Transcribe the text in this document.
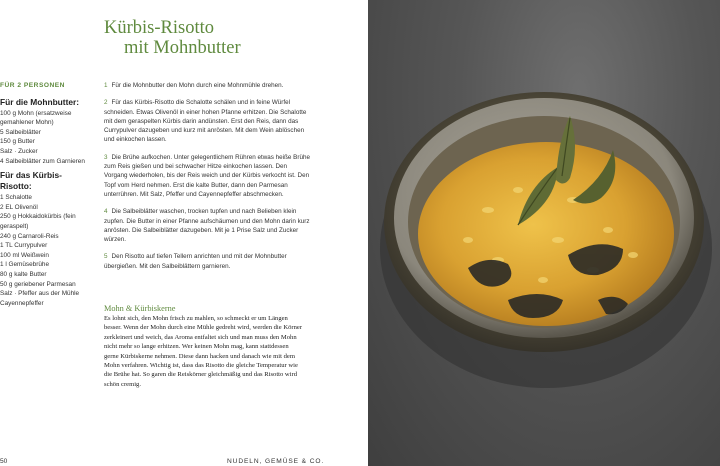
Kürbis-Risotto
mit Mohnbutter
FÜR 2 PERSONEN
Für die Mohnbutter:
100 g Mohn (ersatzweise
gemahlener Mohn)
5 Salbeiblätter
150 g Butter
Salz · Zucker
4 Salbeiblätter zum Garnieren
Für das Kürbis-Risotto:
1 Schalotte
2 EL Olivenöl
250 g Hokkaidokürbis (fein
geraspelt)
240 g Carnaroli-Reis
1 TL Currypulver
100 ml Weißwein
1 l Gemüsebrühe
80 g kalte Butter
50 g geriebener Parmesan
Salz · Pfeffer aus der Mühle
Cayennepfeffer
1 Für die Mohnbutter den Mohn durch eine Mohnmühle drehen.
2 Für das Kürbis-Risotto die Schalotte schälen und in feine Würfel schneiden. Etwas Olivenöl in einer hohen Pfanne erhitzen. Die Schalotte mit dem geraspelten Kürbis darin andünsten. Erst den Reis, dann das Currypulver dazugeben und kurz mit anrösten. Mit dem Wein ablöschen und einkochen lassen.
3 Die Brühe aufkochen. Unter gelegentlichem Rühren etwas heiße Brühe zum Reis gießen und bei schwacher Hitze einkochen lassen. Den Vorgang wiederholen, bis der Reis weich und der Kürbis verkocht ist. Den Topf vom Herd nehmen. Erst die kalte Butter, dann den Parmesan unterrühren. Mit Salz, Pfeffer und Cayennepfeffer abschmecken.
4 Die Salbeiblätter waschen, trocken tupfen und nach Belieben klein zupfen. Die Butter in einer Pfanne aufschäumen und den Mohn darin kurz anrösten. Die Salbeiblätter dazugeben. Mit je 1 Prise Salz und Zucker würzen.
5 Den Risotto auf tiefen Tellern anrichten und mit der Mohnbutter übergießen. Mit den Salbeiblättern garnieren.
Mohn & Kürbiskerne
Es lohnt sich, den Mohn frisch zu mahlen, so schmeckt er um Längen besser. Wenn der Mohn durch eine Mühle gedreht wird, werden die Körner zerkleinert und weich, das Aroma entfaltet sich und man muss den Mohn nicht mehr so lange erhitzen. Wer keinen Mohn mag, kann stattdessen gerne Kürbiskerne nehmen. Diese dann hacken und danach wie mit dem Mohn verfahren. Wichtig ist, dass das Risotto die gleiche Temperatur wie die Brühe hat. So garen die Reiskörner gleichmäßig und das Risotto wird schön cremig.
50	NUDELN, GEMÜSE & CO.
